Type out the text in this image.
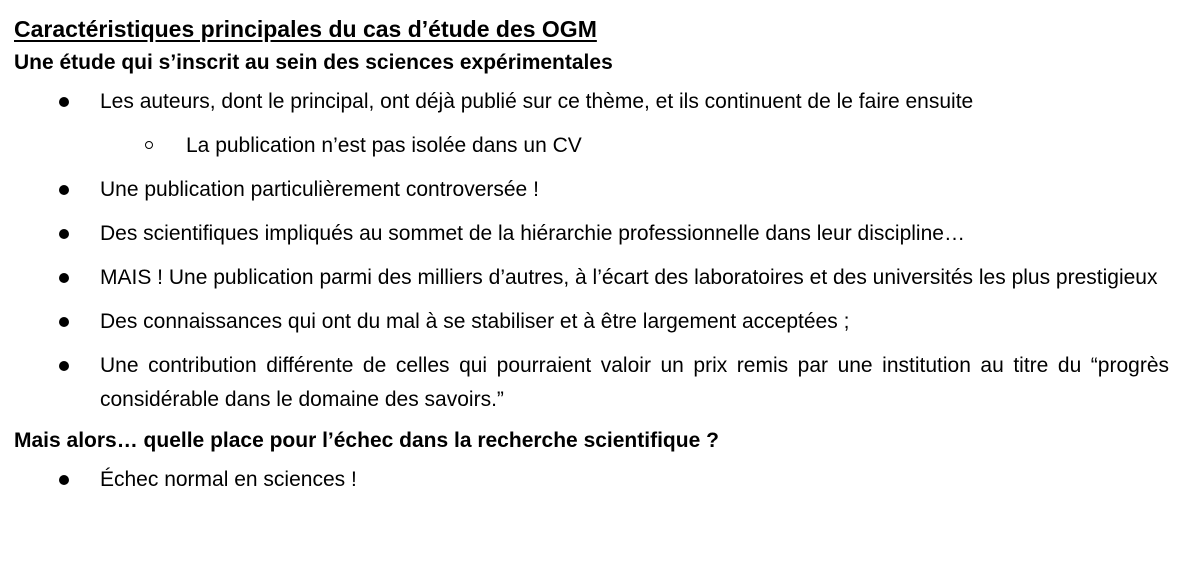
Caractéristiques principales du cas d’étude des OGM
Une étude qui s’inscrit au sein des sciences expérimentales
Les auteurs, dont le principal, ont déjà publié sur ce thème, et ils continuent de le faire ensuite
La publication n’est pas isolée dans un CV
Une publication particulièrement controversée !
Des scientifiques impliqués au sommet de la hiérarchie professionnelle dans leur discipline…
MAIS ! Une publication parmi des milliers d’autres, à l’écart des laboratoires et des universités les plus prestigieux
Des connaissances qui ont du mal à se stabiliser et à être largement acceptées ;
Une contribution différente de celles qui pourraient valoir un prix remis par une institution au titre du “progrès considérable dans le domaine des savoirs.”
Mais alors… quelle place pour l’échec dans la recherche scientifique ?
Échec normal en sciences !
